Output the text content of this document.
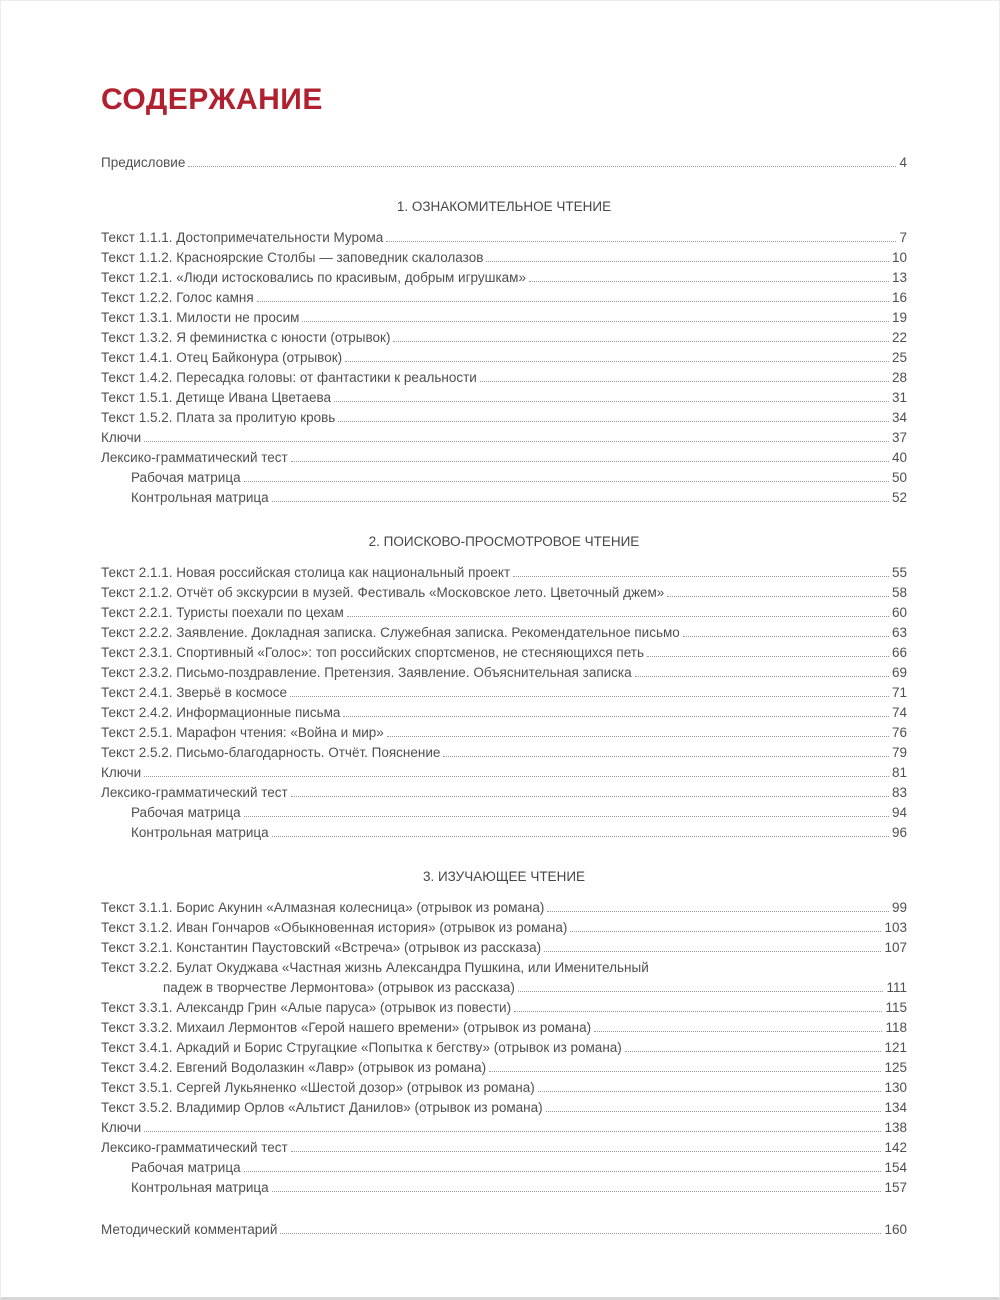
СОДЕРЖАНИЕ
Предисловие	4
1. ОЗНАКОМИТЕЛЬНОЕ ЧТЕНИЕ
Текст 1.1.1. Достопримечательности Мурома	7
Текст 1.1.2. Красноярские Столбы — заповедник скалолазов	10
Текст 1.2.1. «Люди истосковались по красивым, добрым игрушкам»	13
Текст 1.2.2. Голос камня	16
Текст 1.3.1. Милости не просим	19
Текст 1.3.2. Я феминистка с юности (отрывок)	22
Текст 1.4.1. Отец Байконура (отрывок)	25
Текст 1.4.2. Пересадка головы: от фантастики к реальности	28
Текст 1.5.1. Детище Ивана Цветаева	31
Текст 1.5.2. Плата за пролитую кровь	34
Ключи	37
Лексико-грамматический тест	40
Рабочая матрица	50
Контрольная матрица	52
2. ПОИСКОВО-ПРОСМОТРОВОЕ ЧТЕНИЕ
Текст 2.1.1. Новая российская столица как национальный проект	55
Текст 2.1.2. Отчёт об экскурсии в музей. Фестиваль «Московское лето. Цветочный джем»	58
Текст 2.2.1. Туристы поехали по цехам	60
Текст 2.2.2. Заявление. Докладная записка. Служебная записка. Рекомендательное письмо	63
Текст 2.3.1. Спортивный «Голос»: топ российских спортсменов, не стесняющихся петь	66
Текст 2.3.2. Письмо-поздравление. Претензия. Заявление. Объяснительная записка	69
Текст 2.4.1. Зверьё в космосе	71
Текст 2.4.2. Информационные письма	74
Текст 2.5.1. Марафон чтения: «Война и мир»	76
Текст 2.5.2. Письмо-благодарность. Отчёт. Пояснение	79
Ключи	81
Лексико-грамматический тест	83
Рабочая матрица	94
Контрольная матрица	96
3. ИЗУЧАЮЩЕЕ ЧТЕНИЕ
Текст 3.1.1. Борис Акунин «Алмазная колесница» (отрывок из романа)	99
Текст 3.1.2. Иван Гончаров «Обыкновенная история» (отрывок из романа)	103
Текст 3.2.1. Константин Паустовский «Встреча» (отрывок из рассказа)	107
Текст 3.2.2. Булат Окуджава «Частная жизнь Александра Пушкина, или Именительный
падеж в творчестве Лермонтова» (отрывок из рассказа)	111
Текст 3.3.1. Александр Грин «Алые паруса» (отрывок из повести)	115
Текст 3.3.2. Михаил Лермонтов «Герой нашего времени» (отрывок из романа)	118
Текст 3.4.1. Аркадий и Борис Стругацкие «Попытка к бегству» (отрывок из романа)	121
Текст 3.4.2. Евгений Водолазкин «Лавр» (отрывок из романа)	125
Текст 3.5.1. Сергей Лукьяненко «Шестой дозор» (отрывок из романа)	130
Текст 3.5.2. Владимир Орлов «Альтист Данилов» (отрывок из романа)	134
Ключи	138
Лексико-грамматический тест	142
Рабочая матрица	154
Контрольная матрица	157
Методический комментарий	160
